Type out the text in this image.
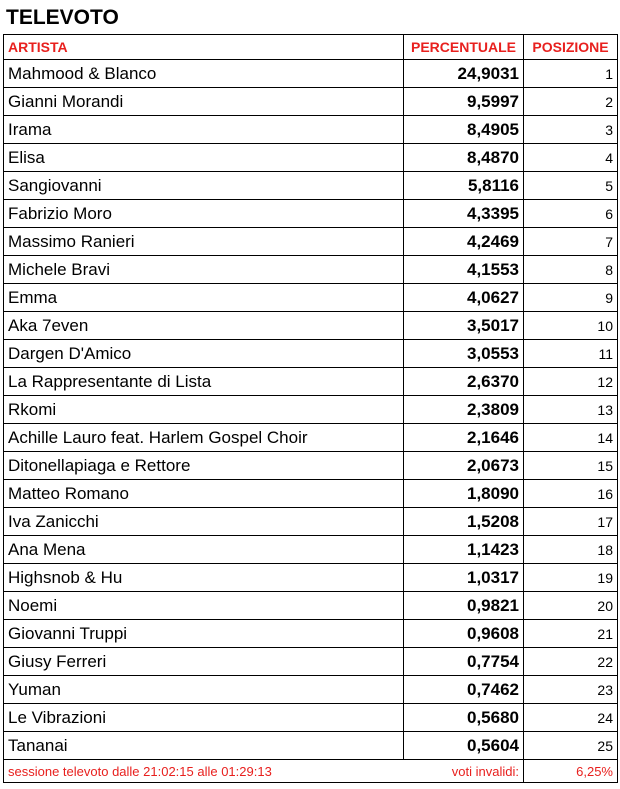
TELEVOTO
ARTISTA	PERCENTUALE	POSIZIONE
Mahmood & Blanco	24,9031	1
Gianni Morandi	9,5997	2
Irama	8,4905	3
Elisa	8,4870	4
Sangiovanni	5,8116	5
Fabrizio Moro	4,3395	6
Massimo Ranieri	4,2469	7
Michele Bravi	4,1553	8
Emma	4,0627	9
Aka 7even	3,5017	10
Dargen D'Amico	3,0553	11
La Rappresentante di Lista	2,6370	12
Rkomi	2,3809	13
Achille Lauro feat. Harlem Gospel Choir	2,1646	14
Ditonellapiaga e Rettore	2,0673	15
Matteo Romano	1,8090	16
Iva Zanicchi	1,5208	17
Ana Mena	1,1423	18
Highsnob & Hu	1,0317	19
Noemi	0,9821	20
Giovanni Truppi	0,9608	21
Giusy Ferreri	0,7754	22
Yuman	0,7462	23
Le Vibrazioni	0,5680	24
Tananai	0,5604	25
sessione televoto dalle 21:02:15 alle 01:29:13	voti invalidi:	6,25%
